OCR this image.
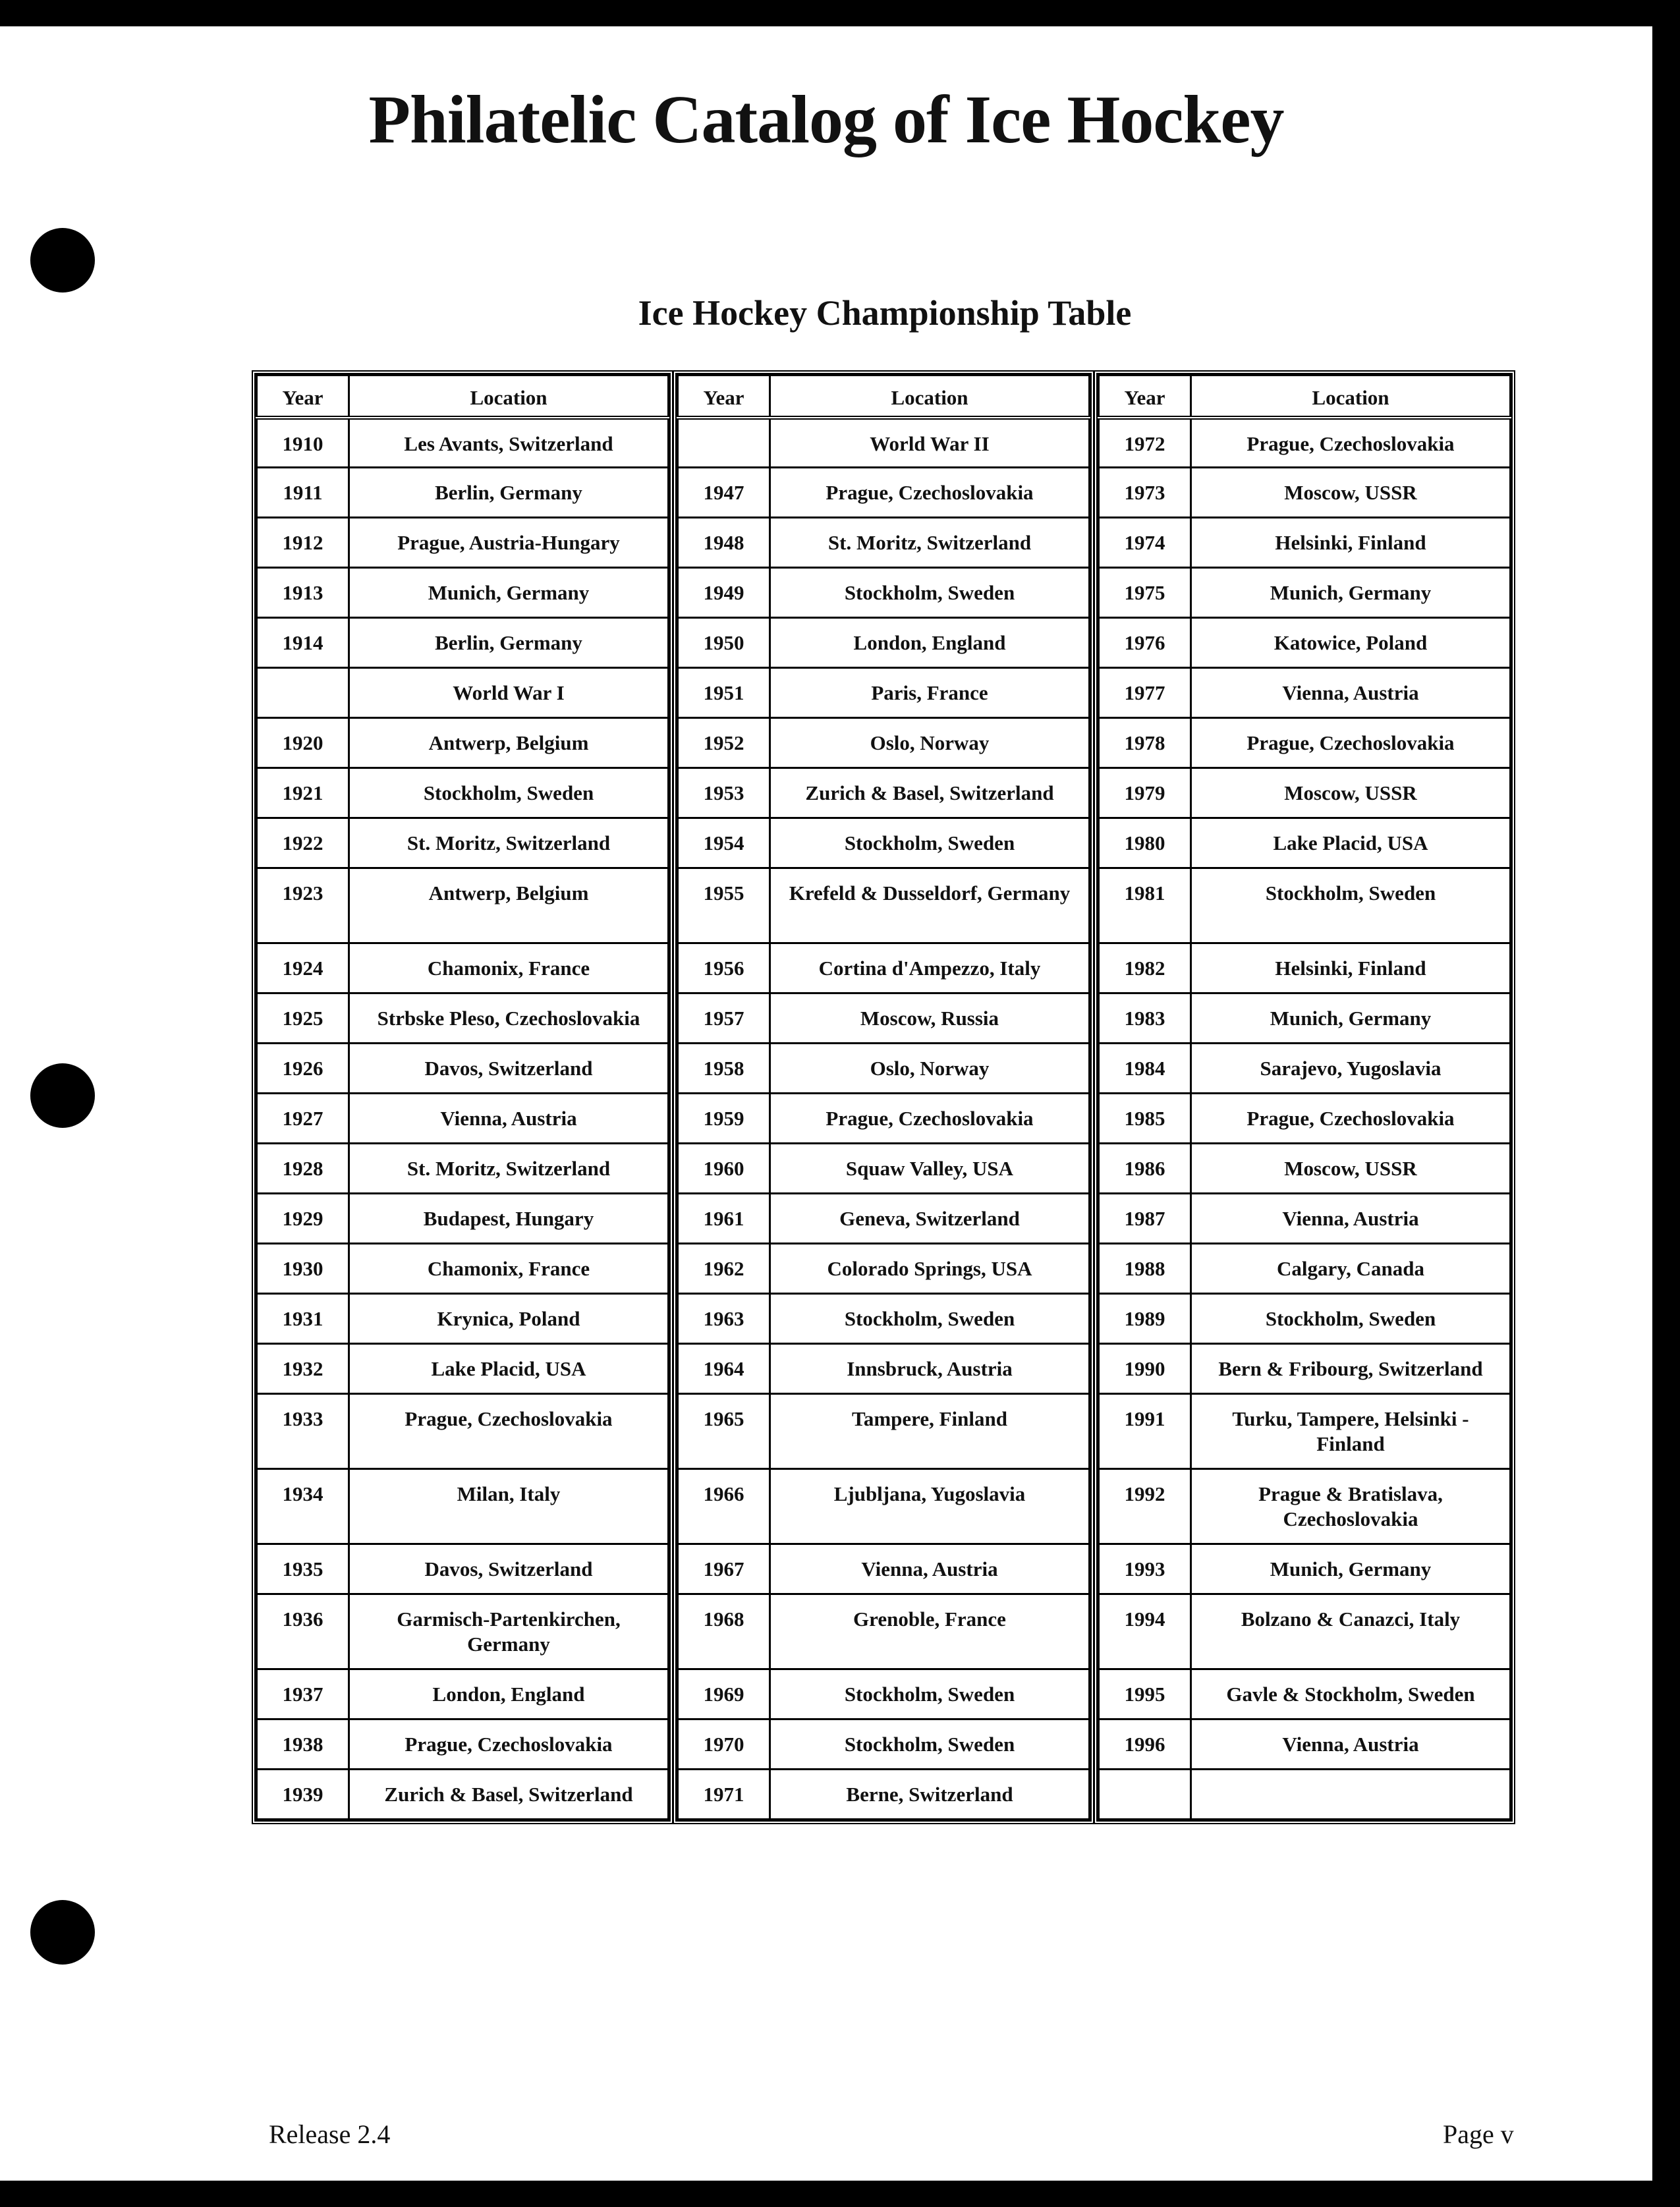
Philatelic Catalog of Ice Hockey
Ice Hockey Championship Table
Year	Location
1910	Les Avants, Switzerland
1911	Berlin, Germany
1912	Prague, Austria-Hungary
1913	Munich, Germany
1914	Berlin, Germany
	World War I
1920	Antwerp, Belgium
1921	Stockholm, Sweden
1922	St. Moritz, Switzerland
1923	Antwerp, Belgium
1924	Chamonix, France
1925	Strbske Pleso, Czechoslovakia
1926	Davos, Switzerland
1927	Vienna, Austria
1928	St. Moritz, Switzerland
1929	Budapest, Hungary
1930	Chamonix, France
1931	Krynica, Poland
1932	Lake Placid, USA
1933	Prague, Czechoslovakia
1934	Milan, Italy
1935	Davos, Switzerland
1936	Garmisch-Partenkirchen, Germany
1937	London, England
1938	Prague, Czechoslovakia
1939	Zurich & Basel, Switzerland
Year	Location
	World War II
1947	Prague, Czechoslovakia
1948	St. Moritz, Switzerland
1949	Stockholm, Sweden
1950	London, England
1951	Paris, France
1952	Oslo, Norway
1953	Zurich & Basel, Switzerland
1954	Stockholm, Sweden
1955	Krefeld & Dusseldorf, Germany
1956	Cortina d'Ampezzo, Italy
1957	Moscow, Russia
1958	Oslo, Norway
1959	Prague, Czechoslovakia
1960	Squaw Valley, USA
1961	Geneva, Switzerland
1962	Colorado Springs, USA
1963	Stockholm, Sweden
1964	Innsbruck, Austria
1965	Tampere, Finland
1966	Ljubljana, Yugoslavia
1967	Vienna, Austria
1968	Grenoble, France
1969	Stockholm, Sweden
1970	Stockholm, Sweden
1971	Berne, Switzerland
Year	Location
1972	Prague, Czechoslovakia
1973	Moscow, USSR
1974	Helsinki, Finland
1975	Munich, Germany
1976	Katowice, Poland
1977	Vienna, Austria
1978	Prague, Czechoslovakia
1979	Moscow, USSR
1980	Lake Placid, USA
1981	Stockholm, Sweden
1982	Helsinki, Finland
1983	Munich, Germany
1984	Sarajevo, Yugoslavia
1985	Prague, Czechoslovakia
1986	Moscow, USSR
1987	Vienna, Austria
1988	Calgary, Canada
1989	Stockholm, Sweden
1990	Bern & Fribourg, Switzerland
1991	Turku, Tampere, Helsinki - Finland
1992	Prague & Bratislava, Czechoslovakia
1993	Munich, Germany
1994	Bolzano & Canazci, Italy
1995	Gavle & Stockholm, Sweden
1996	Vienna, Austria

Release 2.4	Page v
